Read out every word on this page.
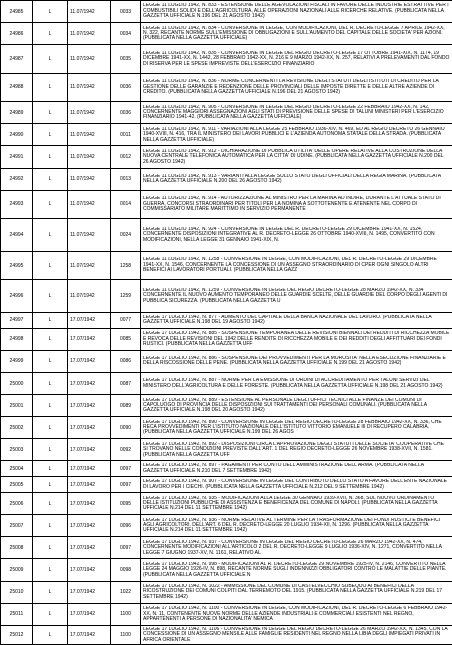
24985	L	11.07/1942	0033	LEGGE 11 LUGLIO 1942, N. 833 - ESTENSIONE DELLE AGEVOLAZIONI FISCALI IN FAVORE DELLE INDUSTRIE ESTRATTIVE PER I COMBUSTIBILI SOLIDI E DELL'AGRICOLTURA, ALLE OPERAZIONI NAZIONALI ALLE RICERCHE RELATIVE. (PUBBLICATA NELLA GAZZETTA UFFICIALE N.196 DEL 21 AGOSTO 1942)

24986	L	11.07/1942	0034	LEGGE 11 LUGLIO 1942, N. 834 - CONVERSIONE IN LEGGE, CON MODIFICAZIONI, DEL R. DECRETO-LEGGE 7 APRILE 1942-XX, N. 322, RECANTE NORME SULL'EMISSIONE DI OBBLIGAZIONI E SULL'AUMENTO DEL CAPITALE DELLE SOCIETA' PER AZIONI. (PUBBLICATA NELLA GAZZETTA UFFICIALE)

24987	L	11.07/1942	0035	LEGGE 11 LUGLIO 1942, N. 835 - CONVERSIONE IN LEGGE DEL REGIO DECRETO-LEGGE 17 OTTOBRE 1941-XIX, N. 1174, 19 DICEMBRE 1941-XX, N. 1442, 28 FEBBRAIO 1942-XX, N. 216 E 9 MARZO 1942-XX, N. 257, RELATIVI A PRELEVAMENTI DAL FONDO DI RISERVA PER LE SPESE IMPREVISTE DELL'ESERCIZIO FINANZIARIO

24988	L	11.07/1942	0036	LEGGE 11 LUGLIO 1942, N. 836 - NORME CONCERNENTI LA REVISIONE DEGLI STATUTI DEGLI ISTITUTI DI CREDITO PER LA GESTIONE DELLE GARANZIE E REDENZIONE DELLE PROVINCIALI DELLE IMPOSTE DIRETTE E DELLE ALTRE AZIENDE DI CREDITO. (PUBBLICATA NELLA GAZZETTA UFFICIALE N.196 DEL 21 AGOSTO 1942)

24989	L	11.07/1942	0036	LEGGE 11 LUGLIO 1942, N. 905 - CONVERSIONE IN LEGGE DEL REGIO DECRETO-LEGGE 22 FEBBRAIO 1942-XX, N. 142, CONCERNENTE MAGGIORI ASSEGNAZIONI AGLI STATI DI PREVISIONE DELLE SPESE DI TALUNI MINISTERI PER L'ESERCIZIO FINANZIARIO 1941-42. (PUBBLICATA NELLA GAZZETTA UFFICIALE)

24990	L	11.07/1942	0011	LEGGE 11 LUGLIO 1942, N. 911 - VARIAZIONI ALLA LEGGE 25 FEBBRAIO 1936-XIV, N. 469, ED AL REGIO DECRETO 26 GENNAIO 1940-XVIII, N. 416, TRA IL MINISTERO DEI LAVORI PUBBLICI E L'AZIENDA AUTONOMA STATALE DELLA STRADA. (PUBBLICATA NELLA GAZZETTA UFFICIALE)

24991	L	11.07/1942	0012	LEGGE 11 LUGLIO 1942, N. 912 - DICHIARAZIONE DI PUBBLICA UTILITA' DELLE OPERE RELATIVE ALLA COSTRUZIONE DELLA NUOVA CENTRALE TELEFONICA AUTOMATICA PER LA CITTA' DI UDINE. (PUBBLICATA NELLA GAZZETTA UFFICIALE N.200 DEL 26 AGOSTO 1942)

24992	L	11.07/1942	0013	LEGGE 11 LUGLIO 1942, N. 913 - VARIANTI ALLA LEGGE SULLO STATO DEGLI UFFICIALI DELLA REGIA MARINA. (PUBBLICATA NELLA GAZZETTA UFFICIALE N.200 DEL 26 AGOSTO 1942)

24993	L	11.07/1942	0014	LEGGE 11 LUGLIO 1942, N. 914 - AUTORIZZAZIONE AL MINISTRO PER LA MARINA AD INDIRE, DURANTE L'ATTUALE STATO DI GUERRA, CONCORSI STRAORDINARI PER TITOLI PER LA NOMINA A SOTTOTENENTE E ATENENTE NEL CORPO DI COMMISSARIATO MILITARE MARITTIMO IN SERVIZIO PERMANENTE

24994	L	11.07/1942	0024	LEGGE 11 LUGLIO 1942, N. 924 - CONVERSIONE IN LEGGE DEL R. DECRETO-LEGGE 29 DICEMBRE 1941-XX, N. 1524, CONCERNENTE DISPOSIZIONI INTEGRATIVE AL R. DECRETO-LEGGE 26 OTTOBRE 1940-XVIII, N. 1495, CONVERTITO CON MODIFICAZIONI, NELLA LEGGE 31 GENNAIO 1941-XIX, N.

24995	L	11.07/1942	1258	LEGGE 11 LUGLIO 1942, N. 1258 - CONVERSIONE IN LEGGE, CON MODIFICAZIONI, DEL R. DECRETO-LEGGE 29 DICEMBRE 1941-XX, N. 1546, CONCERNENTE LA CONCESSIONE DI UN ASSEGNO STRAORDINARIO DI CPER OGNI SINGOLO ALTRI BENEFICI AI LAVORATORI PORTUALI. (PUBBLICATA NELLA GAZZ

24996	L	11.07/1942	1259	LEGGE 11 LUGLIO 1942, N. 1259 - CONVERSIONE IN LEGGE DEL REGIO DECRETO-LEGGE 28 MARZO 1942-XX, N. 334 CONCERNENTE IL NUOVO AUMENTO TEMPORANEO DELLE GUARDIE SCELTE, DELLE GUARDIE DEL CORPO DEGLI AGENTI DI PUBBLICA SICUREZZA. (PUBBLICATA NELLA GAZZETTA U

24997	L	17.07/1942	0077	LEGGE 17 LUGLIO 1942, N. 877 - AUMENTO DEL CAPITALE DELLA BANCA NAZIONALE DEL LAVORO. (PUBBLICATA NELLA GAZZETTA UFFICIALE N.198 DEL 19 AGOSTO 1942)

24998	L	17.07/1942	0085	LEGGE 17 LUGLIO 1942, N. 885 - SOSPENSIONE TEMPORANEA DELLE REVISIONI BIENNALI DEI REDDITI DI RICCHEZZA MOBILE E REVOCA DELLE REVISIONI DEL 1942 DELLE RENDITE DI RICCHEZZA MOBILE E DEI REDDITI DEGLI AFFITTUARI DEI FONDI RUSTICI. (PUBBLICATA NELLA GAZZETTA UFF

24999	L	17.07/1942	0086	LEGGE 17 LUGLIO 1942, N. 886 - SOSPENSIONE DEI PROVVEDIMENTI PER LA MOROSITA' NELLA ESECUZIONE FINANZIARIE E DELLA RISCOSSIONE DELLE PENE. (PUBBLICATA NELLA GAZZETTA UFFICIALE N.199 DEL 21 AGOSTO 1942)

25000	L	17.07/1942	0087	LEGGE 17 LUGLIO 1942, N. 887 - NORME PER LA EMISSIONE DI ORDINI DI ACCREDITAMENTO PER TALUNI SERVIZI DEL MINISTERO DELL'AGRICOLTURA E DELLE FORESTE. (PUBBLICATA NELLA GAZZETTA UFFICIALE N.198 DEL 21 AGOSTO 1942)

25001	L	17.07/1942	0089	LEGGE 17 LUGLIO 1942, N. 889 - ESTENSIONE AL PERSONALE DEGLI UFFICI TECNICI ALLE FINANZE DEI COMUNI DI CAPOLUOGO DI PROVINCIA DELLE DISPOSIZIONI SUI TRATTAMENTI DEI PERSONALI COMUNALI. (PUBBLICATA NELLA GAZZETTA UFFICIALE N.198 DEL 20 AGOSTO 1942)

25002	L	17.07/1942	0090	LEGGE 17 LUGLIO 1942, N. 890 - CONVERSIONE IN LEGGE DEL REGIO DECRETO-LEGGE 28 FEBBRAIO 1942-XX, N. 336, CHE RECA PROVVEDIMENTI PER L'ISTITUTO NAZIONALE DELL'ISTITUTO VITTORIO EMANUELE III DI RECUPERO CALABRIA. (PUBBLICATA NELLA GAZZETTA UFFICIALE N.199 DEL 26 AGOS

25003	L	17.07/1942	0092	LEGGE 17 LUGLIO 1942, N. 892 - DISPOSIZIONI CIRCA L'APPROVAZIONE DEGLI STATUTI DELLE SOCIETA' COOPERATIVE CHE SI TROVANO NELLE CONDIZIONI PREVISTE DALL'ART. 1 DEL REGIO DECRETO-LEGGE 26 NOVEMBRE 1938-XVII, N. 1581. (PUBBLICATA NELLA GAZZETTA UFF

25004	L	17.07/1942	0097	LEGGE 17 LUGLIO 1942, N. 897 - PAGAMENTI PER CONTO DELL'AMMINISTRAZIONE DELL'ARMA. (PUBBLICATA NELLA GAZZETTA UFFICIALE N.210 DEL 7 SETTEMBRE 1942)

25005	L	17.07/1942	0097	LEGGE 17 LUGLIO 1942, N. 907 - CONVERSIONE IN LEGGE DEL CONTRIBUTO DELLO STATO A FAVORE DELL'ENTE NAZIONALE DI LAVORO PER I CIECHI. (PUBBLICATA NELLA GAZZETTA UFFICIALE N.212 DEL 9 SETTEMBRE 1942)

25006	L	17.07/1942	0095	LEGGE 17 LUGLIO 1942, N. 935 - MODIFICAZIONI ALLA LEGGE 30 GENNAIO 1939-XVII, N. 368, SUL NUOVO ORDINAMENTO DELLE ISTITUZIONI PUBBLICHE DI ASSISTENZA E BENEFICENZA DEL COMUNE DI NAPOLI. (PUBBLICATA NELLA GAZZETTA UFFICIALE N.214 DEL 11 SETTEMBRE 1942)

25007	L	17.07/1942	0096	LEGGE 17 LUGLIO 1942, N. 936 - NORME RELATIVE AL TERMINE PER LA TRASFORMAZIONE DEI FONDI RUSTICI E BENEFICI AGLI AGRICOLTORI. DELL'ART. 6 DEL R. DECRETO-LEGGE 20 LUGLIO 1934-XII, N. 1296. (PUBBLICATA NELLA GAZZETTA UFFICIALE N.214 DEL 11 SETTEMBRE 1942)

25008	L	17.07/1942	0097	LEGGE 17 LUGLIO 1942, N. 937 - CONVERSIONE IN LEGGE DEL REGIO DECRETO-LEGGE 26 MARZO 1942-XX, N. 474, CONCERNENTE MODIFICAZIONI ALL'ARTICOLO 2 DEL R. DECRETO-LEGGE 9 LUGLIO 1936-XIV, N. 1271, CONVERTITO NELLA LEGGE 7 GIUGNO 1937-XV, N. 1161, RELATIVO AL

25009	L	17.07/1942	0098	LEGGE 17 LUGLIO 1942, N. 998 - MODIFICAZIONI AL R. DECRETO-LEGGE 29 NOVEMBRE 1925-IV, N. 2146, CONVERTITO NELLA LEGGE 24 MAGGIO 1926-IV, N. 898, RECANTE NORME SUGLI INDENNIZZI OBBLIGATORI CONTRO LE MALATTIE DELLE PIANTE. (PUBBLICATA NELLA GAZZETTA UFFICIALE N

25010	L	17.07/1942	1022	LEGGE 17 LUGLIO 1942, N. 1022 - AMMISSIONE DEL COMUNE DI CASTELVECCHIO SUBEQUO AI BENEFICI DELLA RICOSTRUZIONE DEI COMUNI COLPITI DAL TERREMOTO DEL 1915. (PUBBLICATA NELLA GAZZETTA UFFICIALE N.219 DEL 17 SETTEMBRE 1942)

25011	L	17.07/1942	1100	LEGGE 17 LUGLIO 1942, N. 1100 - CONVERSIONE IN LEGGE, CON MODIFICAZIONI, DEL R. DECRETO-LEGGE 6 FEBBRAIO 1942-XX, N. 11, CONTENENTE NUOVE NORME DELLE AZIENDE INDUSTRIALI E COMMERCIALI ESISTENTI NEL REGNO, APPARTENENTI A PERSONE DI NAZIONALITA' NEMICA

25012	L	17.07/1942	1100	LEGGE 17 LUGLIO 1942, N. 1106 - CONVERSIONE IN LEGGE DEL REGIO DECRETO-LEGGE 26 MARZO 1942-XX, N. 1345, CON LA CONCESSIONE DI UN ASSEGNO MENSILE ALLE FAMIGLIE RESIDENTI NEL REGNO NELLA LIBIA DEGLI IMPIEGATI PRIVATI IN AFRICA ORIENTALE
